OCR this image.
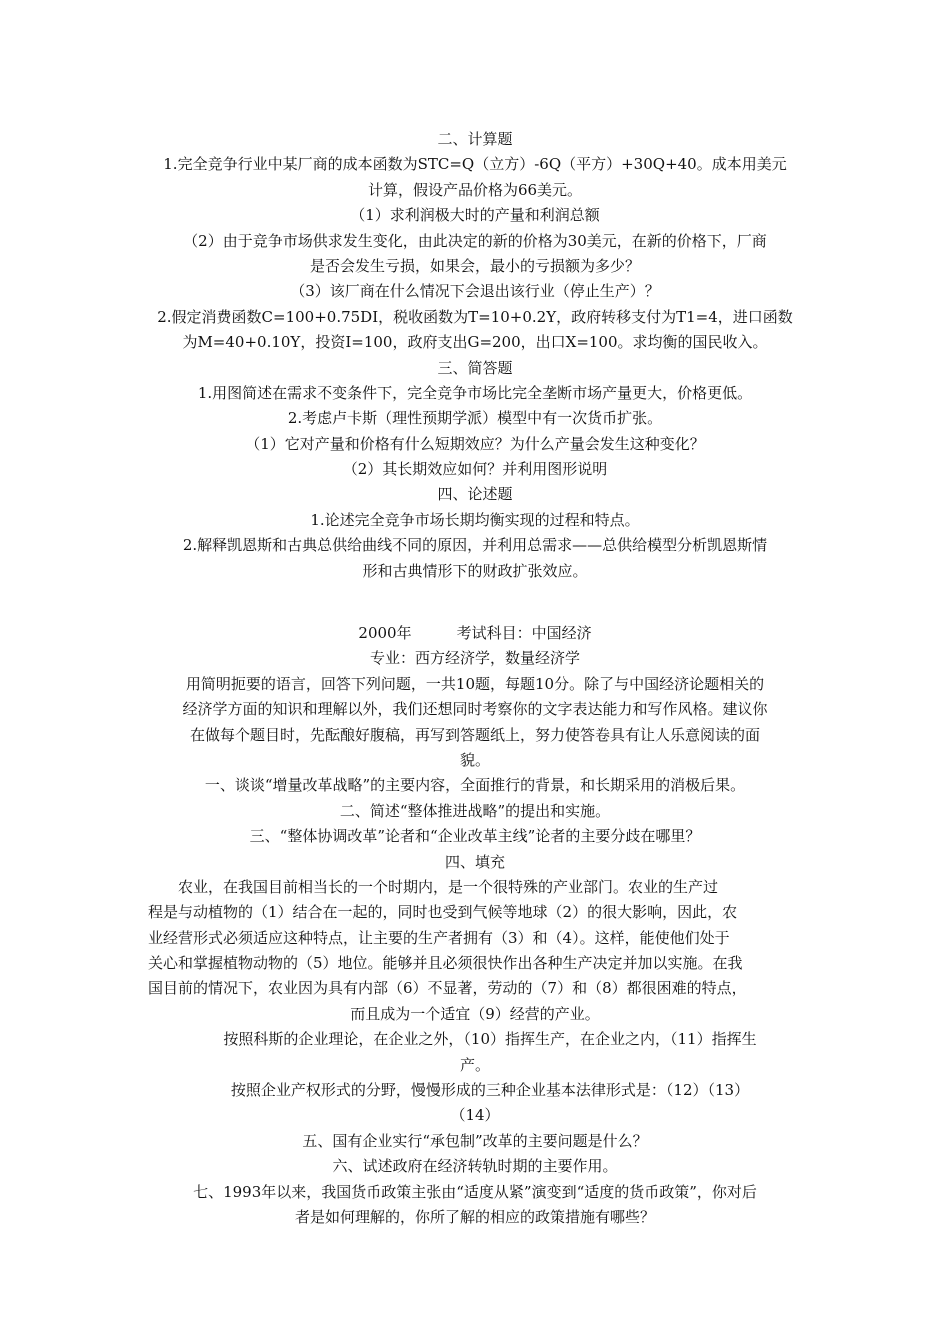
二、计算题
1.完全竞争行业中某厂商的成本函数为STC=Q（立方）-6Q（平方）+30Q+40。成本用美元
计算，假设产品价格为66美元。
（1）求利润极大时的产量和利润总额
（2）由于竞争市场供求发生变化，由此决定的新的价格为30美元，在新的价格下，厂商
是否会发生亏损，如果会，最小的亏损额为多少？
（3）该厂商在什么情况下会退出该行业（停止生产）？
2.假定消费函数C=100+0.75DI，税收函数为T=10+0.2Y，政府转移支付为T1=4，进口函数
为M=40+0.10Y，投资I=100，政府支出G=200，出口X=100。求均衡的国民收入。
三、简答题
1.用图简述在需求不变条件下，完全竞争市场比完全垄断市场产量更大，价格更低。
2.考虑卢卡斯（理性预期学派）模型中有一次货币扩张。
（1）它对产量和价格有什么短期效应？为什么产量会发生这种变化？
（2）其长期效应如何？并利用图形说明
四、论述题
1.论述完全竞争市场长期均衡实现的过程和特点。
2.解释凯恩斯和古典总供给曲线不同的原因，并利用总需求——总供给模型分析凯恩斯情
形和古典情形下的财政扩张效应。
2000年　　　考试科目：中国经济
专业：西方经济学，数量经济学
用简明扼要的语言，回答下列问题，一共10题，每题10分。除了与中国经济论题相关的
经济学方面的知识和理解以外，我们还想同时考察你的文字表达能力和写作风格。建议你
在做每个题目时，先酝酿好腹稿，再写到答题纸上，努力使答卷具有让人乐意阅读的面
貌。
一、谈谈“增量改革战略”的主要内容，全面推行的背景，和长期采用的消极后果。
二、简述“整体推进战略”的提出和实施。
三、“整体协调改革”论者和“企业改革主线”论者的主要分歧在哪里？
四、填充
　　农业，在我国目前相当长的一个时期内，是一个很特殊的产业部门。农业的生产过
程是与动植物的（1）结合在一起的，同时也受到气候等地球（2）的很大影响，因此，农
业经营形式必须适应这种特点，让主要的生产者拥有（3）和（4）。这样，能使他们处于
关心和掌握植物动物的（5）地位。能够并且必须很快作出各种生产决定并加以实施。在我
国目前的情况下，农业因为具有内部（6）不显著，劳动的（7）和（8）都很困难的特点，
而且成为一个适宜（9）经营的产业。
　　按照科斯的企业理论，在企业之外，（10）指挥生产，在企业之内，（11）指挥生
产。
　　按照企业产权形式的分野，慢慢形成的三种企业基本法律形式是：（12）（13）
（14）
五、国有企业实行“承包制”改革的主要问题是什么？
六、试述政府在经济转轨时期的主要作用。
七、1993年以来，我国货币政策主张由“适度从紧”演变到“适度的货币政策”，你对后
者是如何理解的，你所了解的相应的政策措施有哪些？
